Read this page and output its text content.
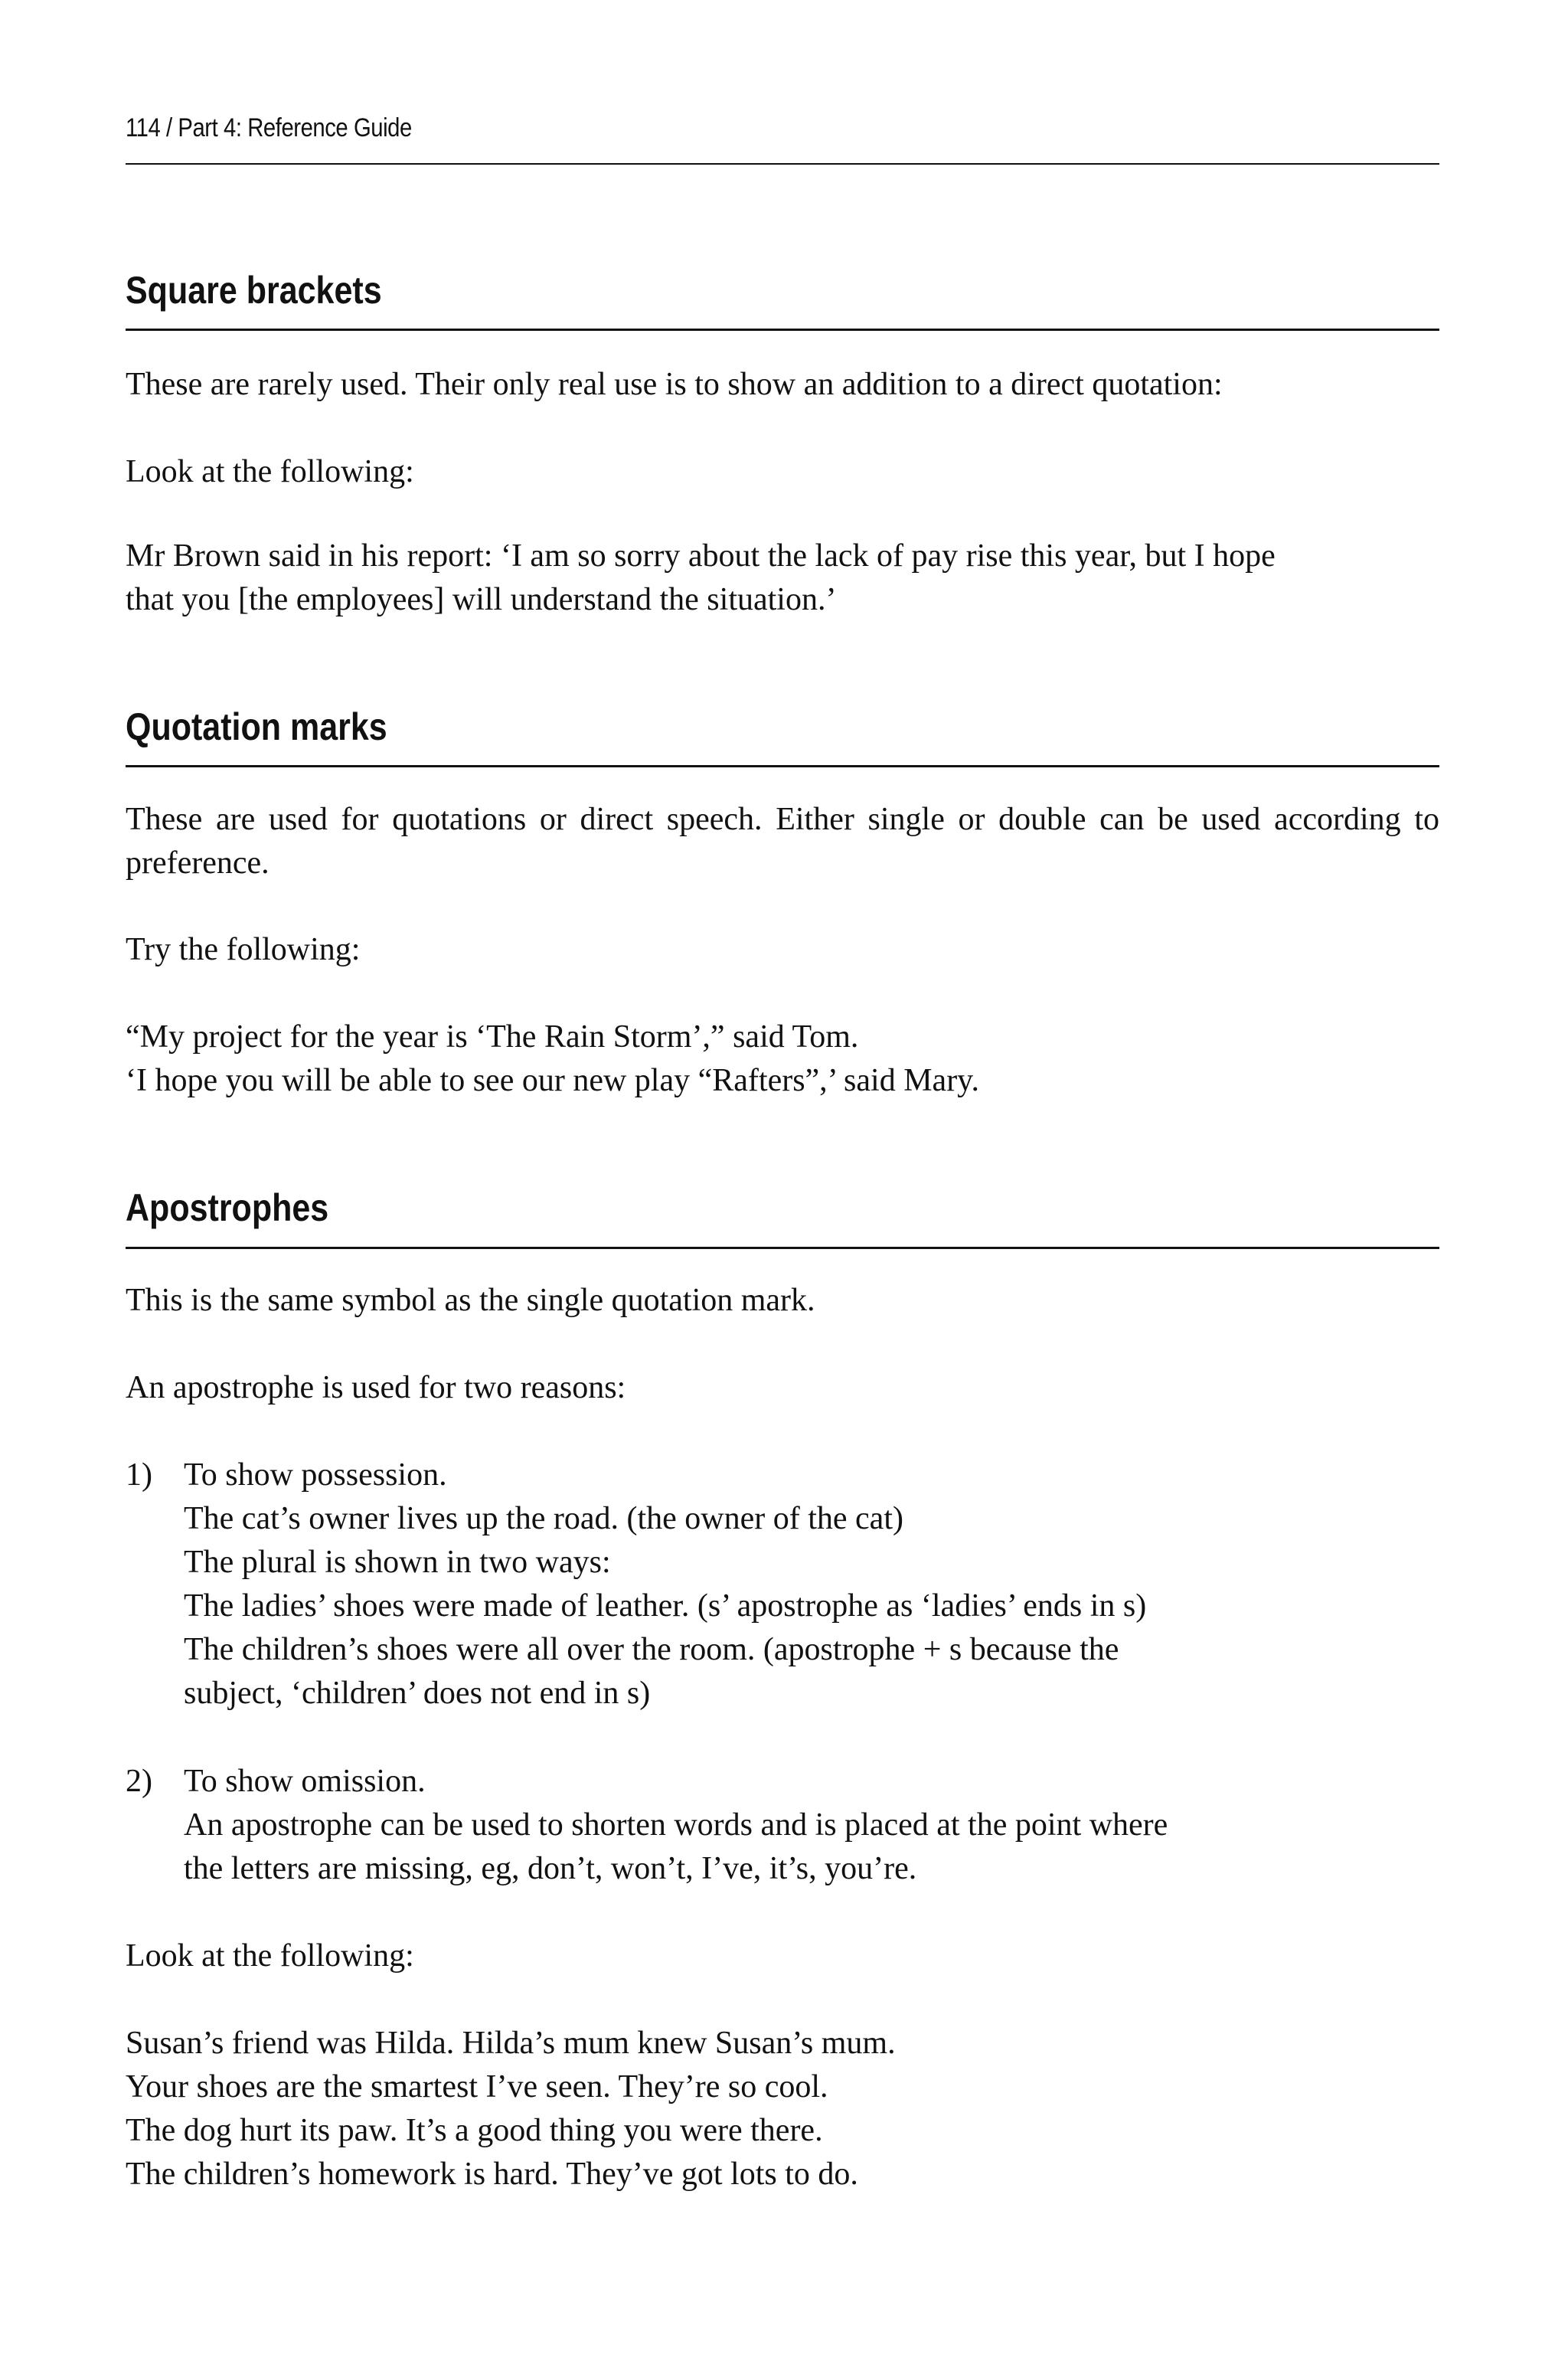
114 / Part 4: Reference Guide
Square brackets

These are rarely used. Their only real use is to show an addition to a direct quotation:

Look at the following:

Mr Brown said in his report: ‘I am so sorry about the lack of pay rise this year, but I hope
that you [the employees] will understand the situation.’
Quotation marks

These are used for quotations or direct speech. Either single or double can be used according to preference.

Try the following:

“My project for the year is ‘The Rain Storm’,” said Tom.
‘I hope you will be able to see our new play “Rafters”,’ said Mary.
Apostrophes

This is the same symbol as the single quotation mark.

An apostrophe is used for two reasons:

1) To show possession.
The cat’s owner lives up the road. (the owner of the cat)
The plural is shown in two ways:
The ladies’ shoes were made of leather. (s’ apostrophe as ‘ladies’ ends in s)
The children’s shoes were all over the room. (apostrophe + s because the
subject, ‘children’ does not end in s)
2) To show omission.
An apostrophe can be used to shorten words and is placed at the point where
the letters are missing, eg, don’t, won’t, I’ve, it’s, you’re.

Look at the following:

Susan’s friend was Hilda. Hilda’s mum knew Susan’s mum.
Your shoes are the smartest I’ve seen. They’re so cool.
The dog hurt its paw. It’s a good thing you were there.
The children’s homework is hard. They’ve got lots to do.
